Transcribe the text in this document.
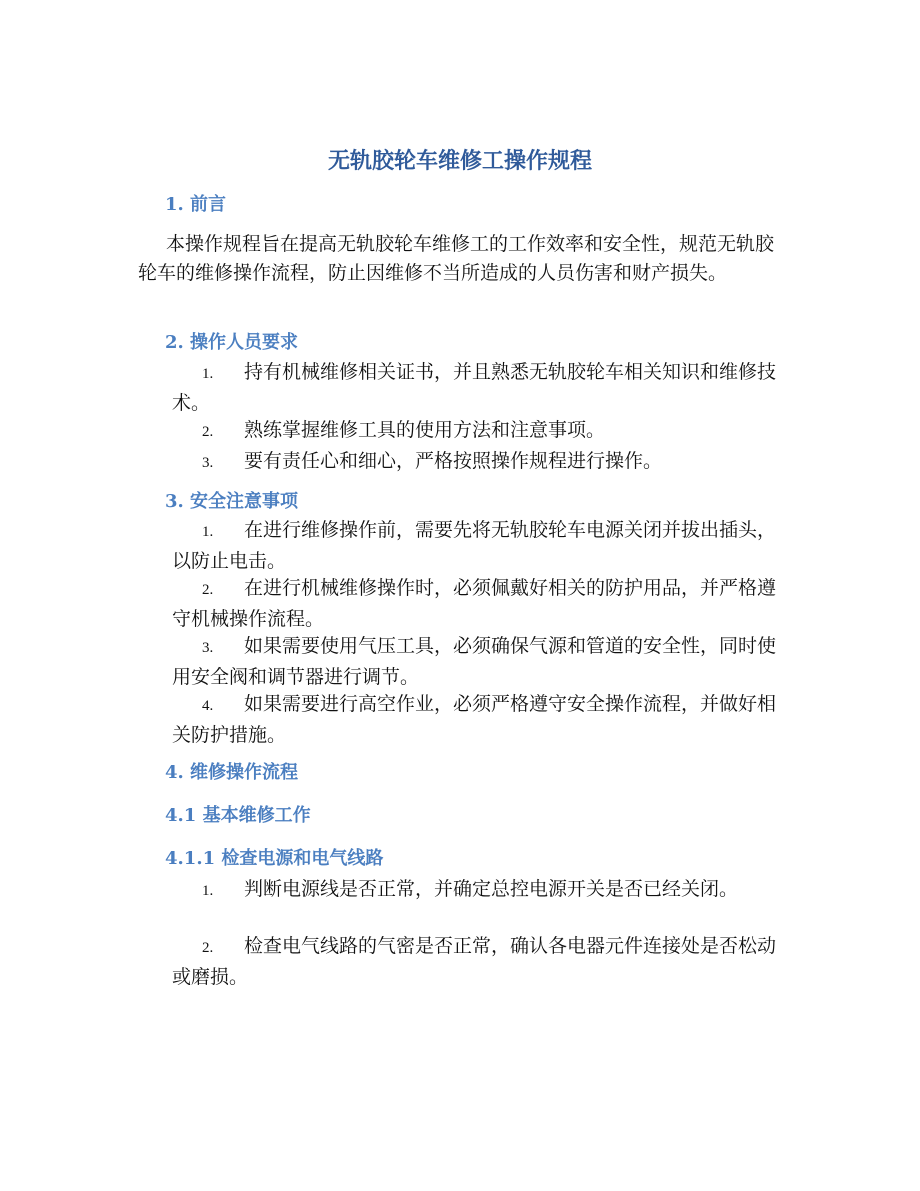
无轨胶轮车维修工操作规程
1. 前言

本操作规程旨在提高无轨胶轮车维修工的工作效率和安全性，规范无轨胶轮车的维修操作流程，防止因维修不当所造成的人员伤害和财产损失。

2. 操作人员要求
1. 持有机械维修相关证书，并且熟悉无轨胶轮车相关知识和维修技术。
2. 熟练掌握维修工具的使用方法和注意事项。
3. 要有责任心和细心，严格按照操作规程进行操作。
3. 安全注意事项
1. 在进行维修操作前，需要先将无轨胶轮车电源关闭并拔出插头，以防止电击。
2. 在进行机械维修操作时，必须佩戴好相关的防护用品，并严格遵守机械操作流程。
3. 如果需要使用气压工具，必须确保气源和管道的安全性，同时使用安全阀和调节器进行调节。
4. 如果需要进行高空作业，必须严格遵守安全操作流程，并做好相关防护措施。
4. 维修操作流程
4.1 基本维修工作
4.1.1 检查电源和电气线路
1. 判断电源线是否正常，并确定总控电源开关是否已经关闭。
2. 检查电气线路的气密是否正常，确认各电器元件连接处是否松动或磨损。
